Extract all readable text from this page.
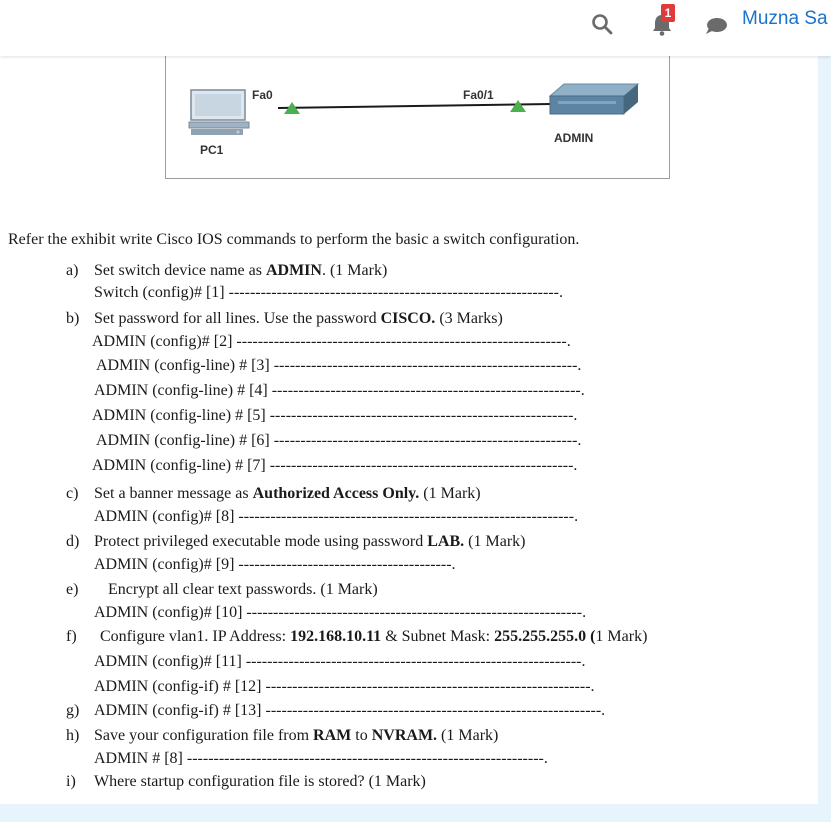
1	Muzna Sa
Fa0	Fa0/1
PC1
ADMIN
Refer the exhibit write Cisco IOS commands to perform the basic a switch configuration.
a)
b)
c)
d)
e)
f)
g)
h)
i)
Set switch device name as ADMIN. (1 Mark)
Switch (config)# [1] --------------------------------------------------------------.
Set password for all lines. Use the password CISCO. (3 Marks)
ADMIN (config)# [2] --------------------------------------------------------------.
ADMIN (config-line) # [3] ---------------------------------------------------------.
ADMIN (config-line) # [4] ----------------------------------------------------------.
ADMIN (config-line) # [5] ---------------------------------------------------------.
ADMIN (config-line) # [6] ---------------------------------------------------------.
ADMIN (config-line) # [7] ---------------------------------------------------------.
Set a banner message as Authorized Access Only. (1 Mark)
ADMIN (config)# [8] ---------------------------------------------------------------.
Protect privileged executable mode using password LAB. (1 Mark)
ADMIN (config)# [9] ----------------------------------------.
Encrypt all clear text passwords. (1 Mark)
ADMIN (config)# [10] ---------------------------------------------------------------.
Configure vlan1. IP Address: 192.168.10.11 & Subnet Mask: 255.255.255.0 (1 Mark)
ADMIN (config)# [11] ---------------------------------------------------------------.
ADMIN (config-if) # [12] -------------------------------------------------------------.
ADMIN (config-if) # [13] ---------------------------------------------------------------.
Save your configuration file from RAM to NVRAM. (1 Mark)
ADMIN # [8] -------------------------------------------------------------------.
Where startup configuration file is stored? (1 Mark)
